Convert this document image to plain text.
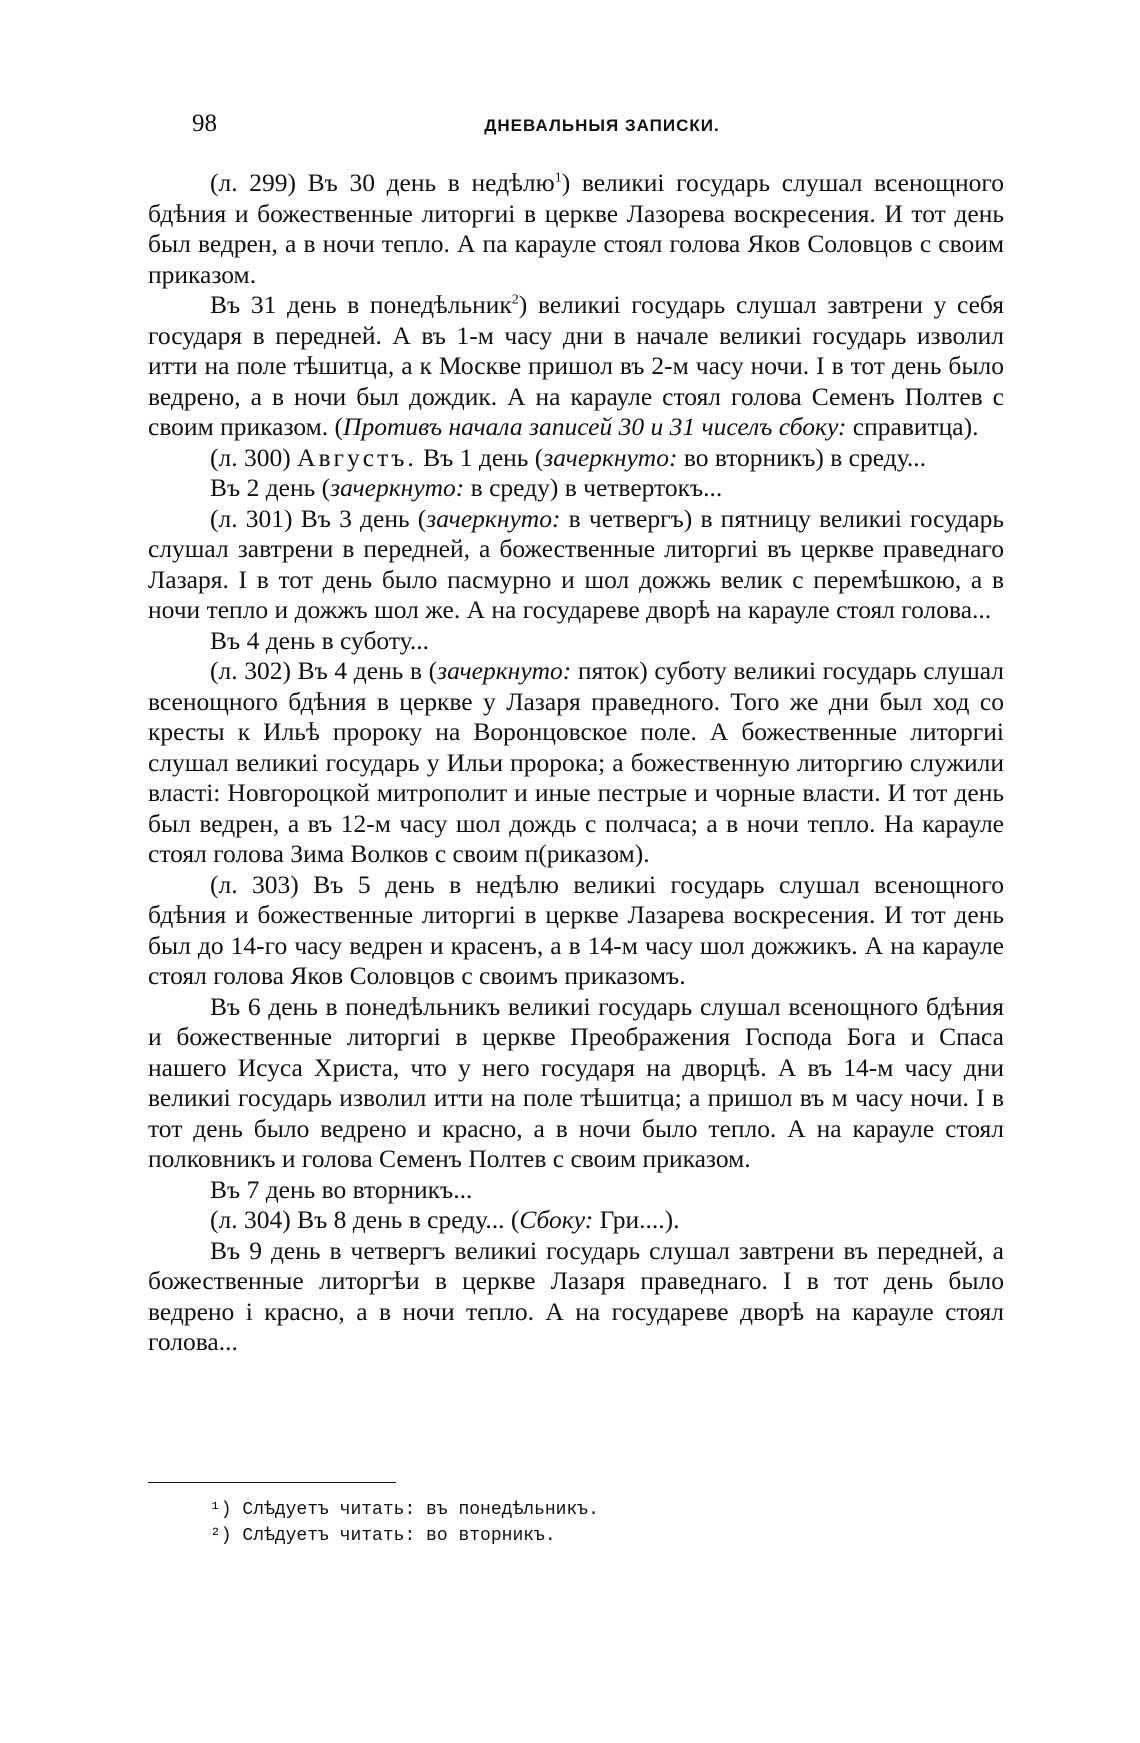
98	ДНЕВАЛЬНЫЯ ЗАПИСКИ.

(л. 299) Въ 30 день в недѣлю$^1$) великиі государь слушал всенощного бдѣния и божественные литоргиі в церкве Лазорева воскресения. И тот день был ведрен, а в ночи тепло. А па карауле стоял голова Яков Соловцов с своим приказом.

Въ 31 день в понедѣльник$^2$) великиі государь слушал завтрени у себя государя в передней. А въ 1-м часу дни в начале великиі государь изволил итти на поле тѣшитца, а к Москве пришол въ 2-м часу ночи. І в тот день было ведрено, а в ночи был дождик. А на карауле стоял голова Семенъ Полтев с своим приказом. (Противъ начала записей 30 и 31 чиселъ сбоку: справитца).

(л. 300) Августъ. Въ 1 день (зачеркнуто: во вторникъ) в среду...

Въ 2 день (зачеркнуто: в среду) в четвертокъ...

(л. 301) Въ 3 день (зачеркнуто: в четвергъ) в пятницу великиі государь слушал завтрени в передней, а божественные литоргиі въ церкве праведнаго Лазаря. І в тот день было пасмурно и шол дожжь велик с перемѣшкою, а в ночи тепло и дожжъ шол же. А на государеве дворѣ на карауле стоял голова...

Въ 4 день в суботу...

(л. 302) Въ 4 день в (зачеркнуто: пяток) суботу великиі государь слушал всенощного бдѣния в церкве у Лазаря праведного. Того же дни был ход со кресты к Ильѣ пророку на Воронцовское поле. А божественные литоргиі слушал великиі государь у Ильи пророка; а божественную литоргию служили властi: Новгороцкой митрополит и иные пестрые и чорные власти. И тот день был ведрен, а въ 12-м часу шол дождь с полчаса; а в ночи тепло. На карауле стоял голова Зима Волков с своим п(риказом).

(л. 303) Въ 5 день в недѣлю великиі государь слушал всенощного бдѣния и божественные литоргиі в церкве Лазарева воскресения. И тот день был до 14-го часу ведрен и красенъ, а в 14-м часу шол дожжикъ. А на карауле стоял голова Яков Соловцов с своимъ приказомъ.

Въ 6 день в понедѣльникъ великиі государь слушал всенощного бдѣния и божественные литоргиі в церкве Преображения Господа Бога и Спаса нашего Исуса Христа, что у него государя на дворцѣ. А въ 14-м часу дни великиі государь изволил итти на поле тѣшитца; а пришол въ м часу ночи. І в тот день было ведрено и красно, а в ночи было тепло. А на карауле стоял полковникъ и голова Семенъ Полтев с своим приказом.

Въ 7 день во вторникъ...

(л. 304) Въ 8 день в среду... (Сбоку: Гри....).

Въ 9 день в четвергъ великиі государь слушал завтрени въ передней, а божественные литоргѣи в церкве Лазаря праведнаго. І в тот день было ведрено і красно, а в ночи тепло. А на государеве дворѣ на карауле стоял голова...

¹) Слѣдуетъ читать: въ понедѣльникъ.
²) Слѣдуетъ читать: во вторникъ.
